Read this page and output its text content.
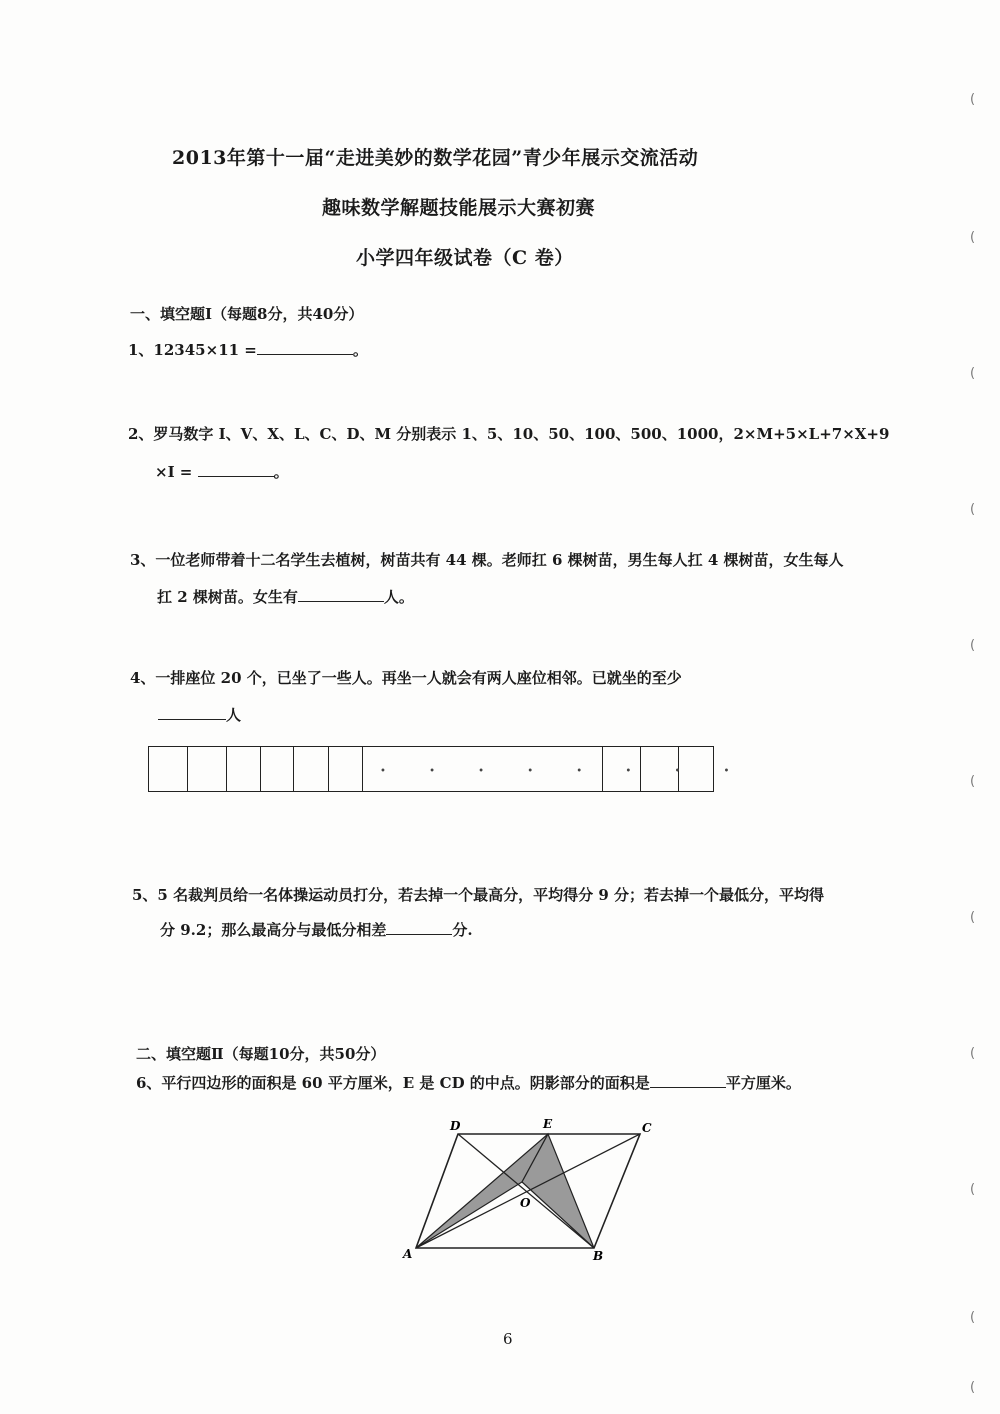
2013年第十一届“走进美妙的数学花园”青少年展示交流活动
趣味数学解题技能展示大赛初赛
小学四年级试卷（C 卷）
一、填空题Ⅰ（每题8分，共40分）
1、12345×11 =	。
2、罗马数字 I、V、X、L、C、D、M 分别表示 1、5、10、50、100、500、1000，2×M+5×L+7×X+9
×I =	。
3、一位老师带着十二名学生去植树，树苗共有 44 棵。老师扛 6 棵树苗，男生每人扛 4 棵树苗，女生每人
扛 2 棵树苗。女生有	人。
4、一排座位 20 个，已坐了一些人。再坐一人就会有两人座位相邻。已就坐的至少
人
• • • • • • • •
5、5 名裁判员给一名体操运动员打分，若去掉一个最高分，平均得分 9 分；若去掉一个最低分，平均得
分 9.2；那么最高分与最低分相差	分.
二、填空题Ⅱ（每题10分，共50分）
6、平行四边形的面积是 60 平方厘米，E 是 CD 的中点。阴影部分的面积是	平方厘米。
D	E	C
O
A	B
6
(
(
(
(
(
(
(
(
(
(
(
